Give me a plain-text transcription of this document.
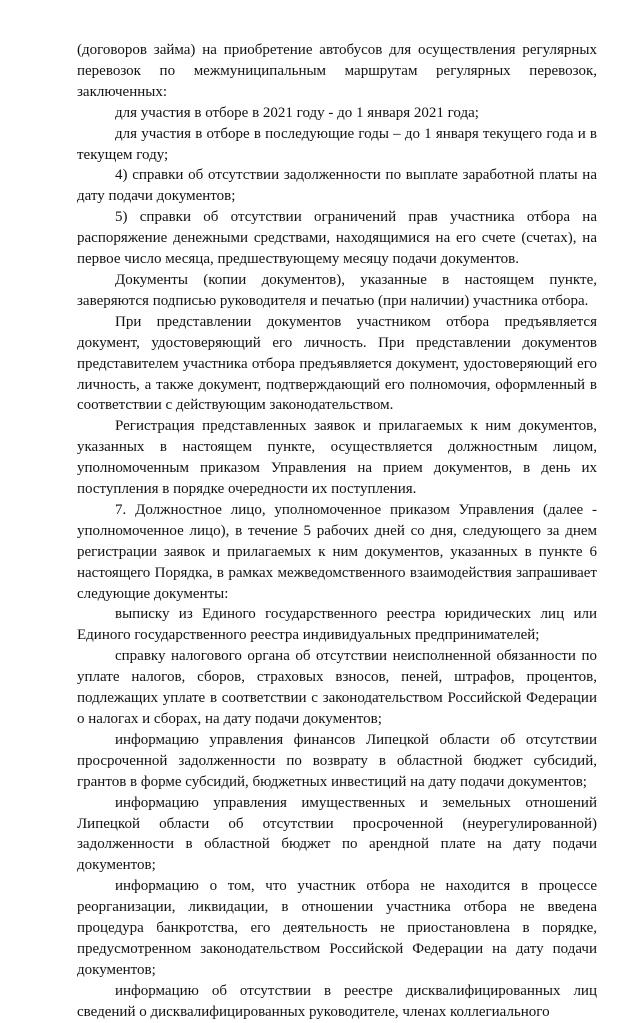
(договоров займа) на приобретение автобусов для осуществления регулярных перевозок по межмуниципальным маршрутам регулярных перевозок, заключенных:

для участия в отборе в 2021 году - до 1 января 2021 года;

для участия в отборе в последующие годы – до 1 января текущего года и в текущем году;

4) справки об отсутствии задолженности по выплате заработной платы на дату подачи документов;

5) справки об отсутствии ограничений прав участника отбора на распоряжение денежными средствами, находящимися на его счете (счетах), на первое число месяца, предшествующему месяцу подачи документов.

Документы (копии документов), указанные в настоящем пункте, заверяются подписью руководителя и печатью (при наличии) участника отбора.

При представлении документов участником отбора предъявляется документ, удостоверяющий его личность. При представлении документов представителем участника отбора предъявляется документ, удостоверяющий его личность, а также документ, подтверждающий его полномочия, оформленный в соответствии с действующим законодательством.

Регистрация представленных заявок и прилагаемых к ним документов, указанных в настоящем пункте, осуществляется должностным лицом, уполномоченным приказом Управления на прием документов, в день их поступления в порядке очередности их поступления.

7. Должностное лицо, уполномоченное приказом Управления (далее - уполномоченное лицо), в течение 5 рабочих дней со дня, следующего за днем регистрации заявок и прилагаемых к ним документов, указанных в пункте 6 настоящего Порядка, в рамках межведомственного взаимодействия запрашивает следующие документы:

выписку из Единого государственного реестра юридических лиц или Единого государственного реестра индивидуальных предпринимателей;

справку налогового органа об отсутствии неисполненной обязанности по уплате налогов, сборов, страховых взносов, пеней, штрафов, процентов, подлежащих уплате в соответствии с законодательством Российской Федерации о налогах и сборах, на дату подачи документов;

информацию управления финансов Липецкой области об отсутствии просроченной задолженности по возврату в областной бюджет субсидий, грантов в форме субсидий, бюджетных инвестиций на дату подачи документов;

информацию управления имущественных и земельных отношений Липецкой области об отсутствии просроченной (неурегулированной) задолженности в областной бюджет по арендной плате на дату подачи документов;

информацию о том, что участник отбора не находится в процессе реорганизации, ликвидации, в отношении участника отбора не введена процедура банкротства, его деятельность не приостановлена в порядке, предусмотренном законодательством Российской Федерации на дату подачи документов;

информацию об отсутствии в реестре дисквалифицированных лиц сведений о дисквалифицированных руководителе, членах коллегиального
